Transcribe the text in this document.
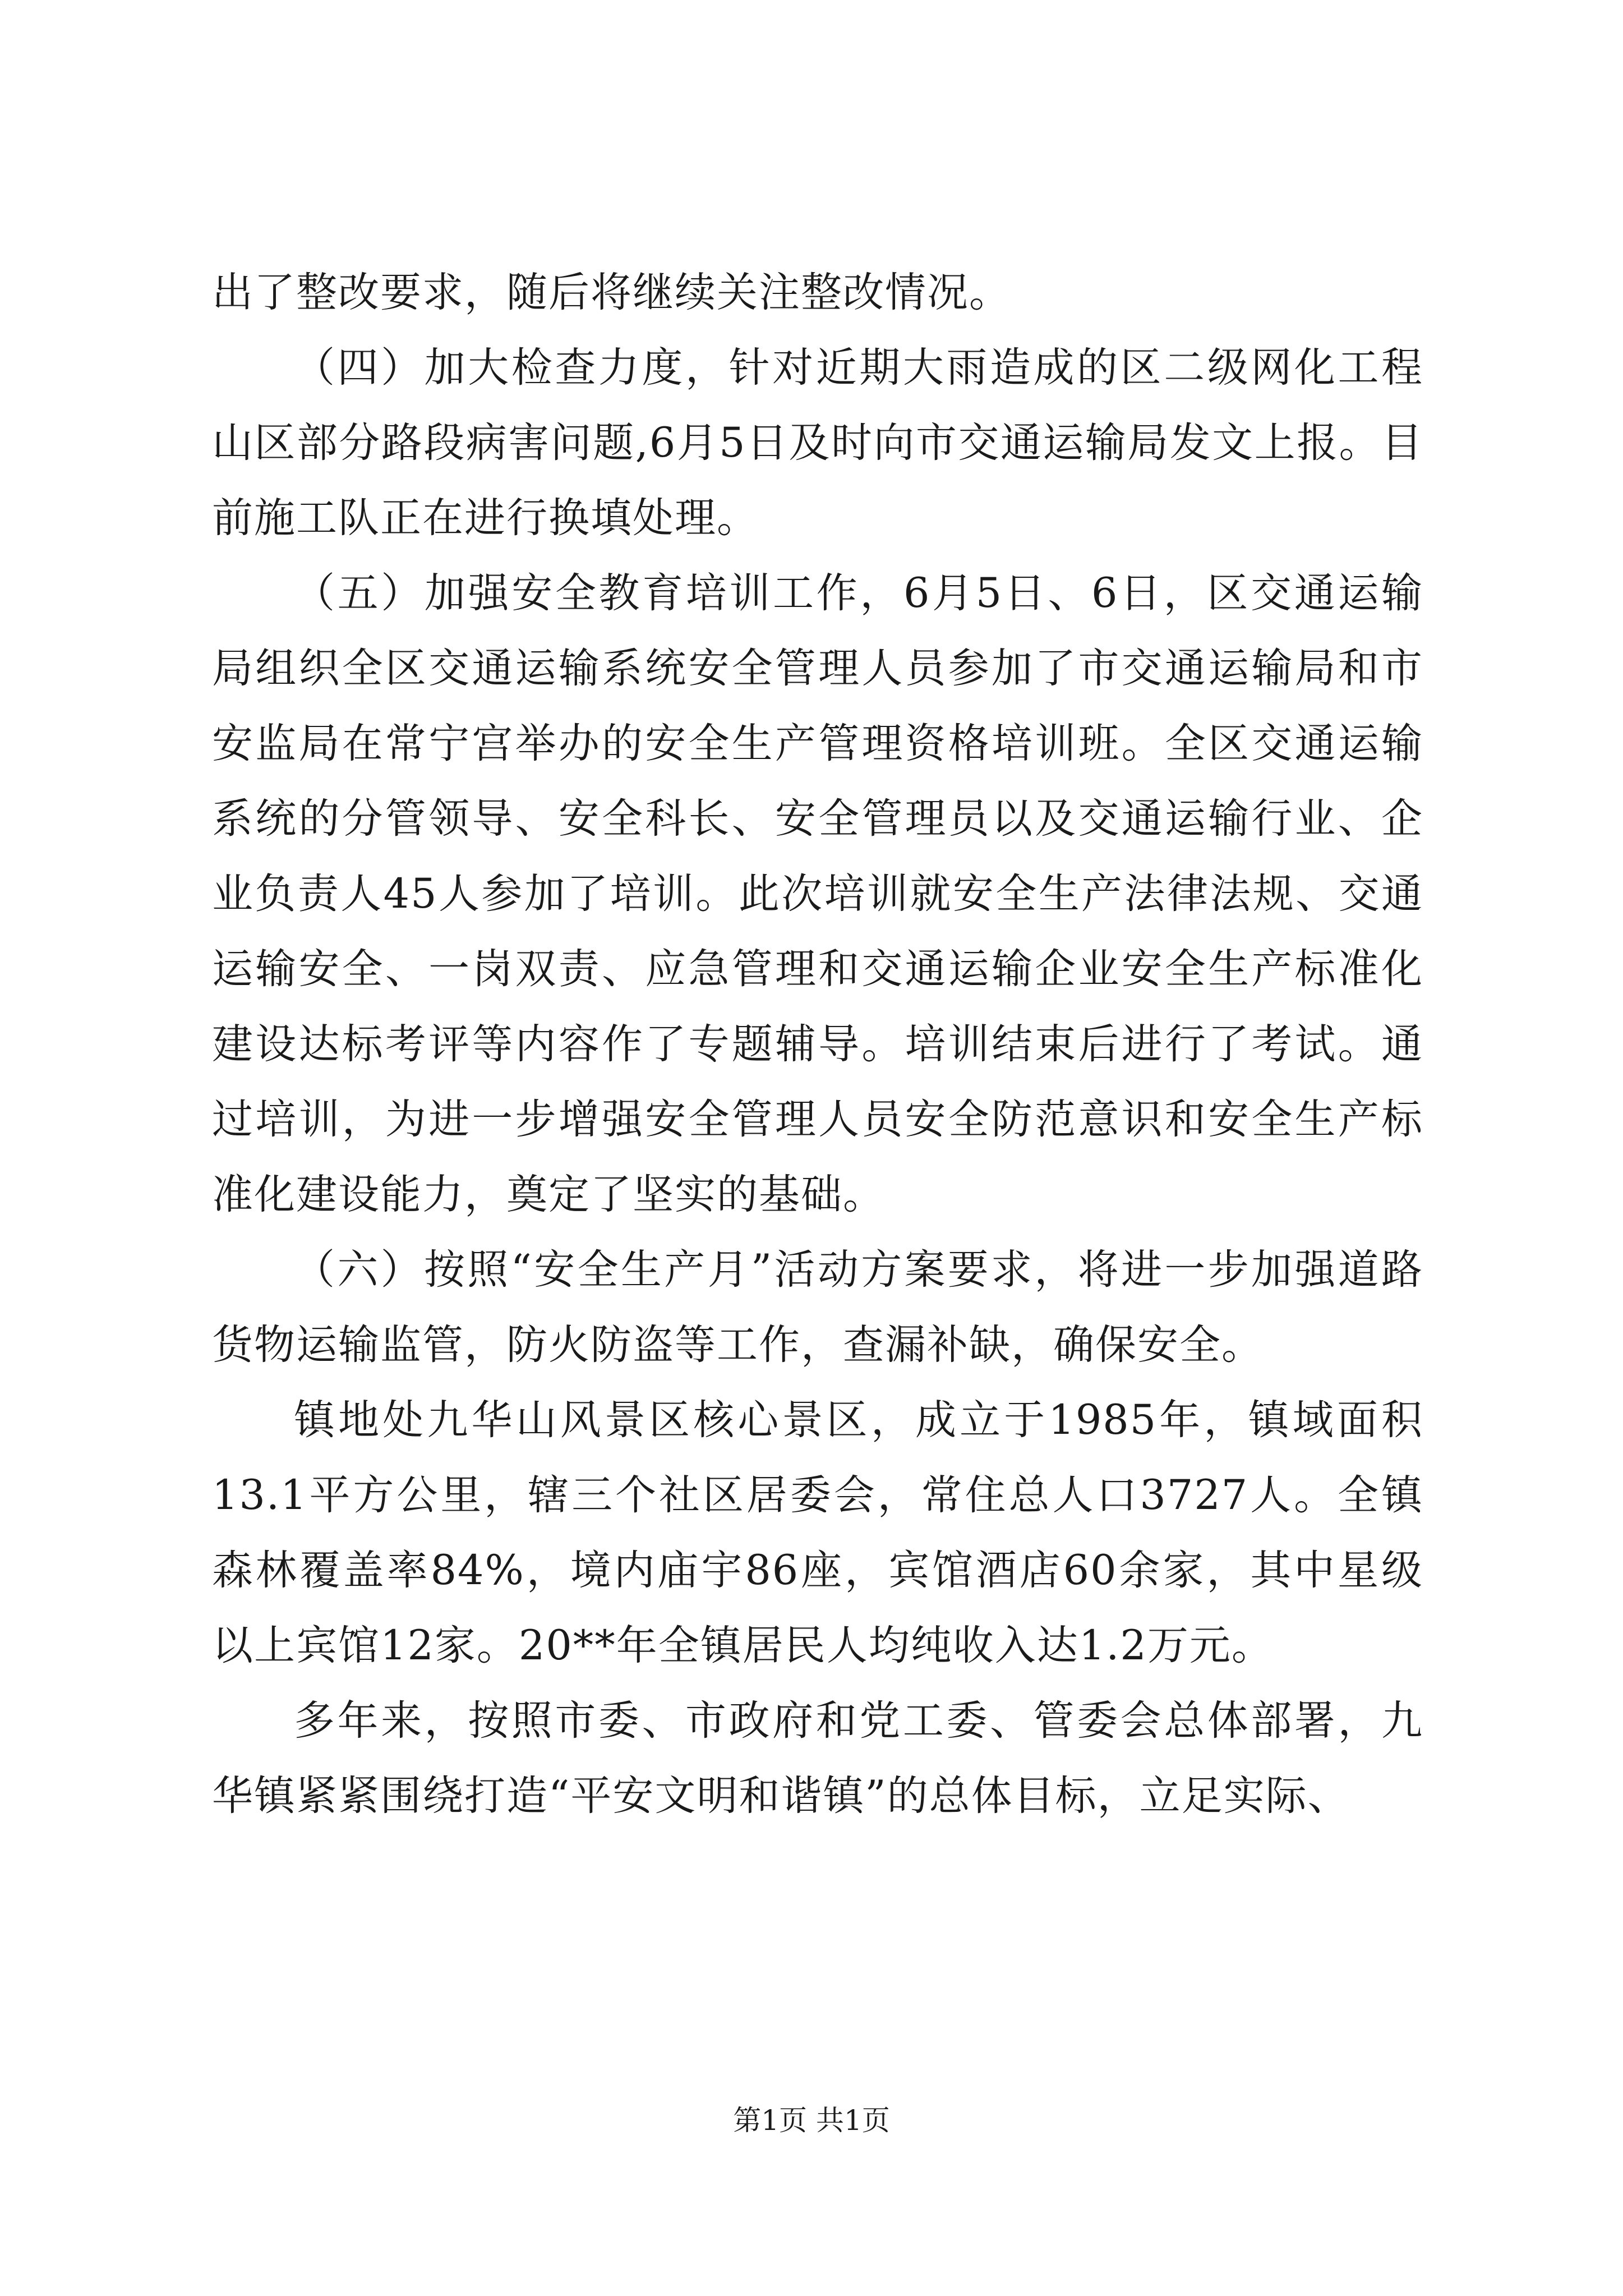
出了整改要求，随后将继续关注整改情况。

（四）加大检查力度，针对近期大雨造成的区二级网化工程山区部分路段病害问题,6月5日及时向市交通运输局发文上报。目前施工队正在进行换填处理。

（五）加强安全教育培训工作，6月5日、6日，区交通运输局组织全区交通运输系统安全管理人员参加了市交通运输局和市安监局在常宁宫举办的安全生产管理资格培训班。全区交通运输系统的分管领导、安全科长、安全管理员以及交通运输行业、企业负责人45人参加了培训。此次培训就安全生产法律法规、交通运输安全、一岗双责、应急管理和交通运输企业安全生产标准化建设达标考评等内容作了专题辅导。培训结束后进行了考试。通过培训，为进一步增强安全管理人员安全防范意识和安全生产标准化建设能力，奠定了坚实的基础。

（六）按照“安全生产月”活动方案要求，将进一步加强道路货物运输监管，防火防盗等工作，查漏补缺，确保安全。

镇地处九华山风景区核心景区，成立于1985年，镇域面积13.1平方公里，辖三个社区居委会，常住总人口3727人。全镇森林覆盖率84%，境内庙宇86座，宾馆酒店60余家，其中星级以上宾馆12家。20**年全镇居民人均纯收入达1.2万元。

多年来，按照市委、市政府和党工委、管委会总体部署，九华镇紧紧围绕打造“平安文明和谐镇”的总体目标，立足实际、

第1页 共1页
